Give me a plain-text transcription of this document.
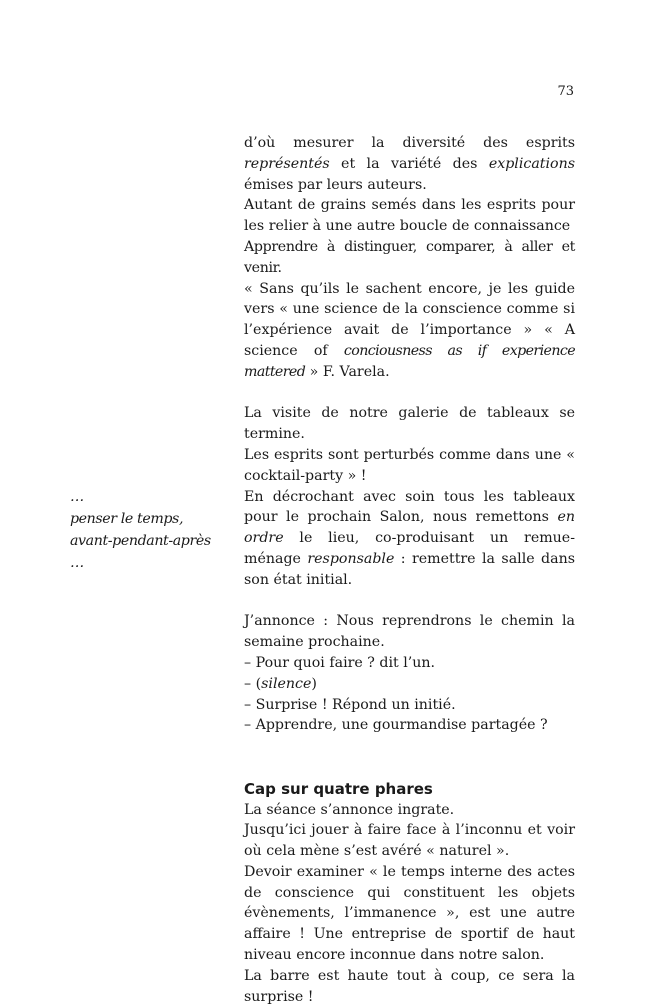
73
…
penser le temps,
avant-pendant-après
…

d’où mesurer la diversité des esprits représentés et la variété des explications émises par leurs auteurs.

Autant de grains semés dans les esprits pour les relier à une autre boucle de connaissance

Apprendre à distinguer, comparer, à aller et venir.

« Sans qu’ils le sachent encore, je les guide vers « une science de la conscience comme si l’expérience avait de l’importance » « A science of conciousness as if experience mattered » F. Varela.

La visite de notre galerie de tableaux se termine.

Les esprits sont perturbés comme dans une « cocktail-party » !

En décrochant avec soin tous les tableaux pour le prochain Salon, nous remettons en ordre le lieu, co-produisant un remue-ménage responsable : remettre la salle dans son état initial.

J’annonce : Nous reprendrons le chemin la semaine prochaine.

– Pour quoi faire ? dit l’un.

– (silence)

– Surprise ! Répond un initié.

– Apprendre, une gourmandise partagée ?

Cap sur quatre phares

La séance s’annonce ingrate.

Jusqu’ici jouer à faire face à l’inconnu et voir où cela mène s’est avéré « naturel ».

Devoir examiner « le temps interne des actes de conscience qui constituent les objets évènements, l’immanence », est une autre affaire ! Une entreprise de sportif de haut niveau encore inconnue dans notre salon.

La barre est haute tout à coup, ce sera la surprise !
